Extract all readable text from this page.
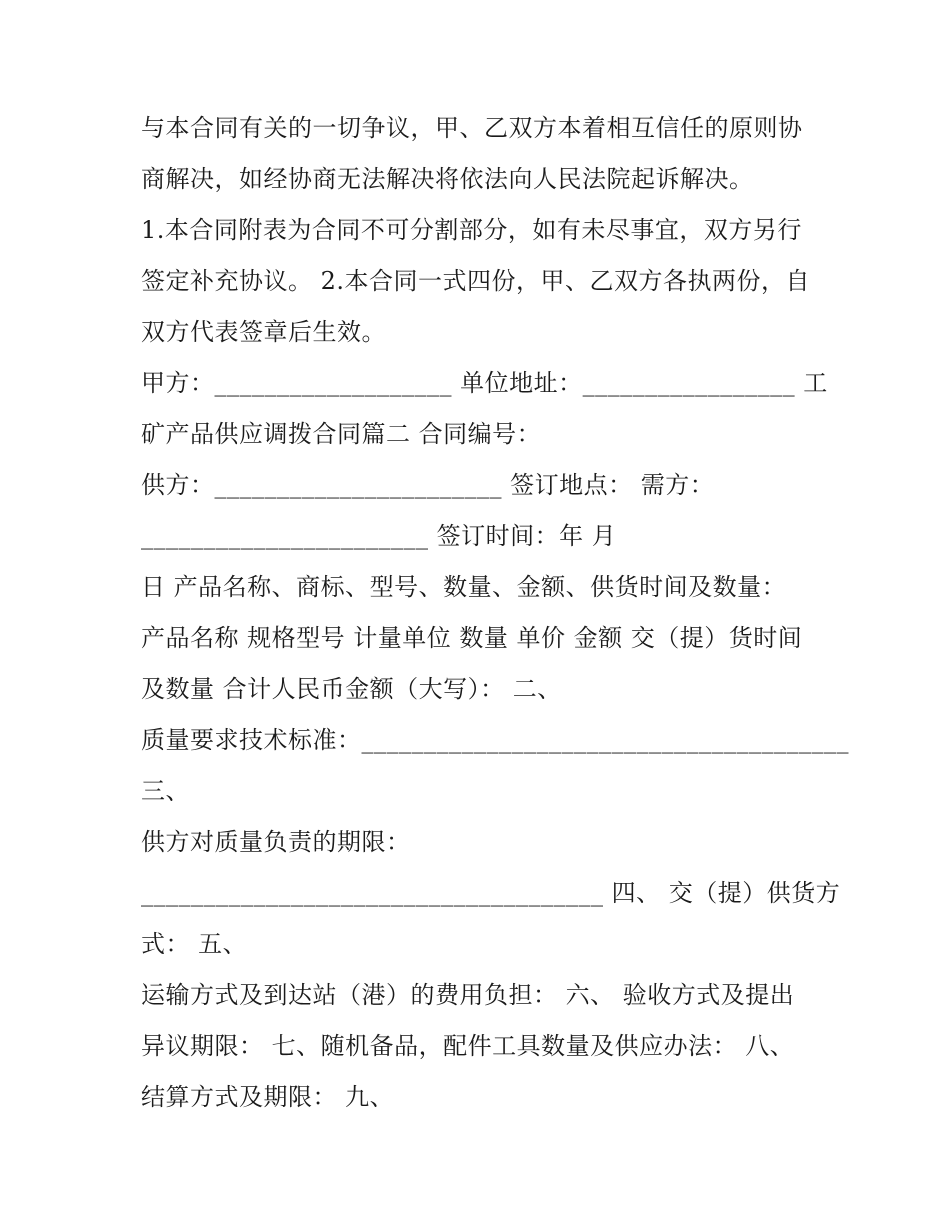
与本合同有关的一切争议，甲、乙双方本着相互信任的原则协

商解决，如经协商无法解决将依法向人民法院起诉解决。

1.本合同附表为合同不可分割部分，如有未尽事宜，双方另行

签定补充协议。 2.本合同一式四份，甲、乙双方各执两份，自

双方代表签章后生效。

甲方：___________________ 单位地址：_________________ 工

矿产品供应调拨合同篇二 合同编号：

供方：_______________________ 签订地点： 需方：

_______________________ 签订时间：年 月

日 产品名称、商标、型号、数量、金额、供货时间及数量：

产品名称 规格型号 计量单位 数量 单价 金额 交（提）货时间

及数量 合计人民币金额（大写）： 二、

质量要求技术标准：_______________________________________

三、

供方对质量负责的期限：

_____________________________________ 四、 交（提）供货方

式： 五、

运输方式及到达站（港）的费用负担： 六、 验收方式及提出

异议期限： 七、随机备品，配件工具数量及供应办法： 八、

结算方式及期限： 九、
